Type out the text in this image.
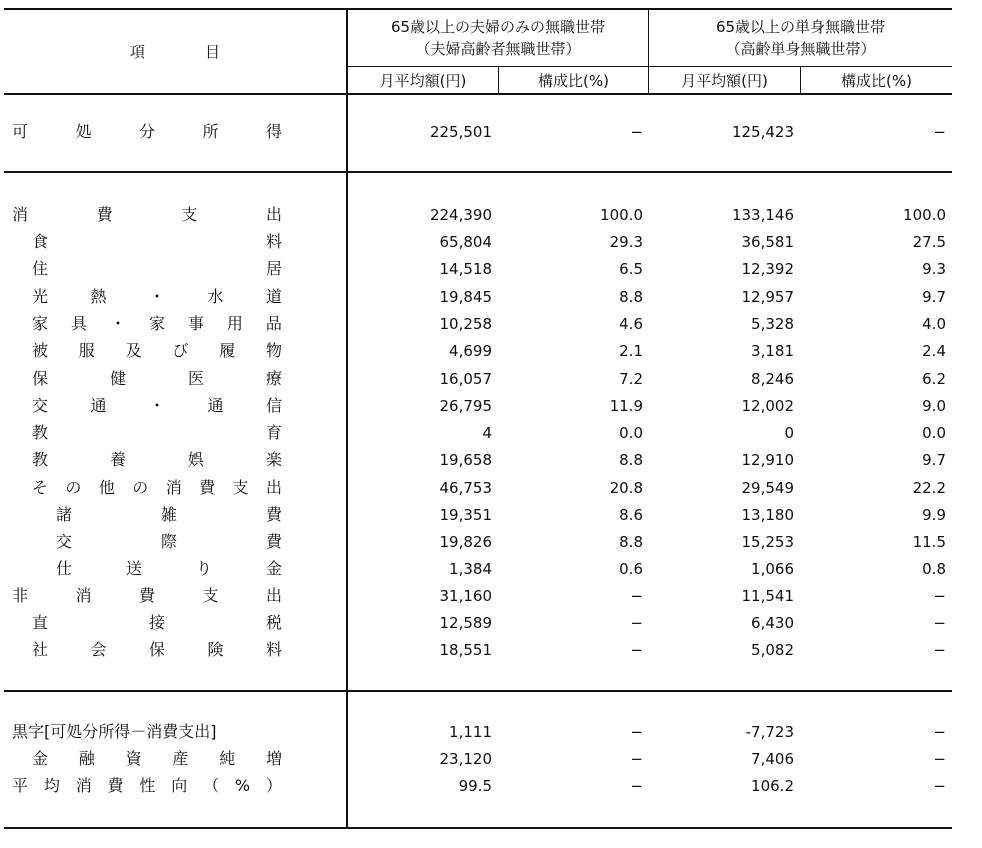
項　　　　目
65歳以上の夫婦のみの無職世帯
（夫婦高齢者無職世帯）
65歳以上の単身無職世帯
（高齢単身無職世帯）
月平均額(円)	構成比(%)	月平均額(円)	構成比(%)
可	処	分	所	得	225,501	−	125,423	−
消	費	支	出	224,390	100.0	133,146	100.0
食	料	65,804	29.3	36,581	27.5
住	居	14,518	6.5	12,392	9.3
光	熱	・	水	道	19,845	8.8	12,957	9.7
家 具 ・ 家 事 用 品	10,258	4.6	5,328	4.0
被 服 及 び 履 物	4,699	2.1	3,181	2.4
保	健	医	療	16,057	7.2	8,246	6.2
交	通	・	通	信	26,795	11.9	12,002	9.0
教	育	4	0.0	0	0.0
教	養	娯	楽	19,658	8.8	12,910	9.7
そ の 他 の 消 費 支 出	46,753	20.8	29,549	22.2
諸	雑	費	19,351	8.6	13,180	9.9
交	際	費	19,826	8.8	15,253	11.5
仕	送	り	金	1,384	0.6	1,066	0.8
非	消	費	支	出	31,160	−	11,541	−
直	接	税	12,589	−	6,430	−
社	会	保	険	料	18,551	−	5,082	−
黒字[可処分所得－消費支出]	1,111	−	-7,723	−
金 融 資 産 純 増	23,120	−	7,406	−
平 均 消 費 性 向 （ % ）	99.5	−	106.2	−
